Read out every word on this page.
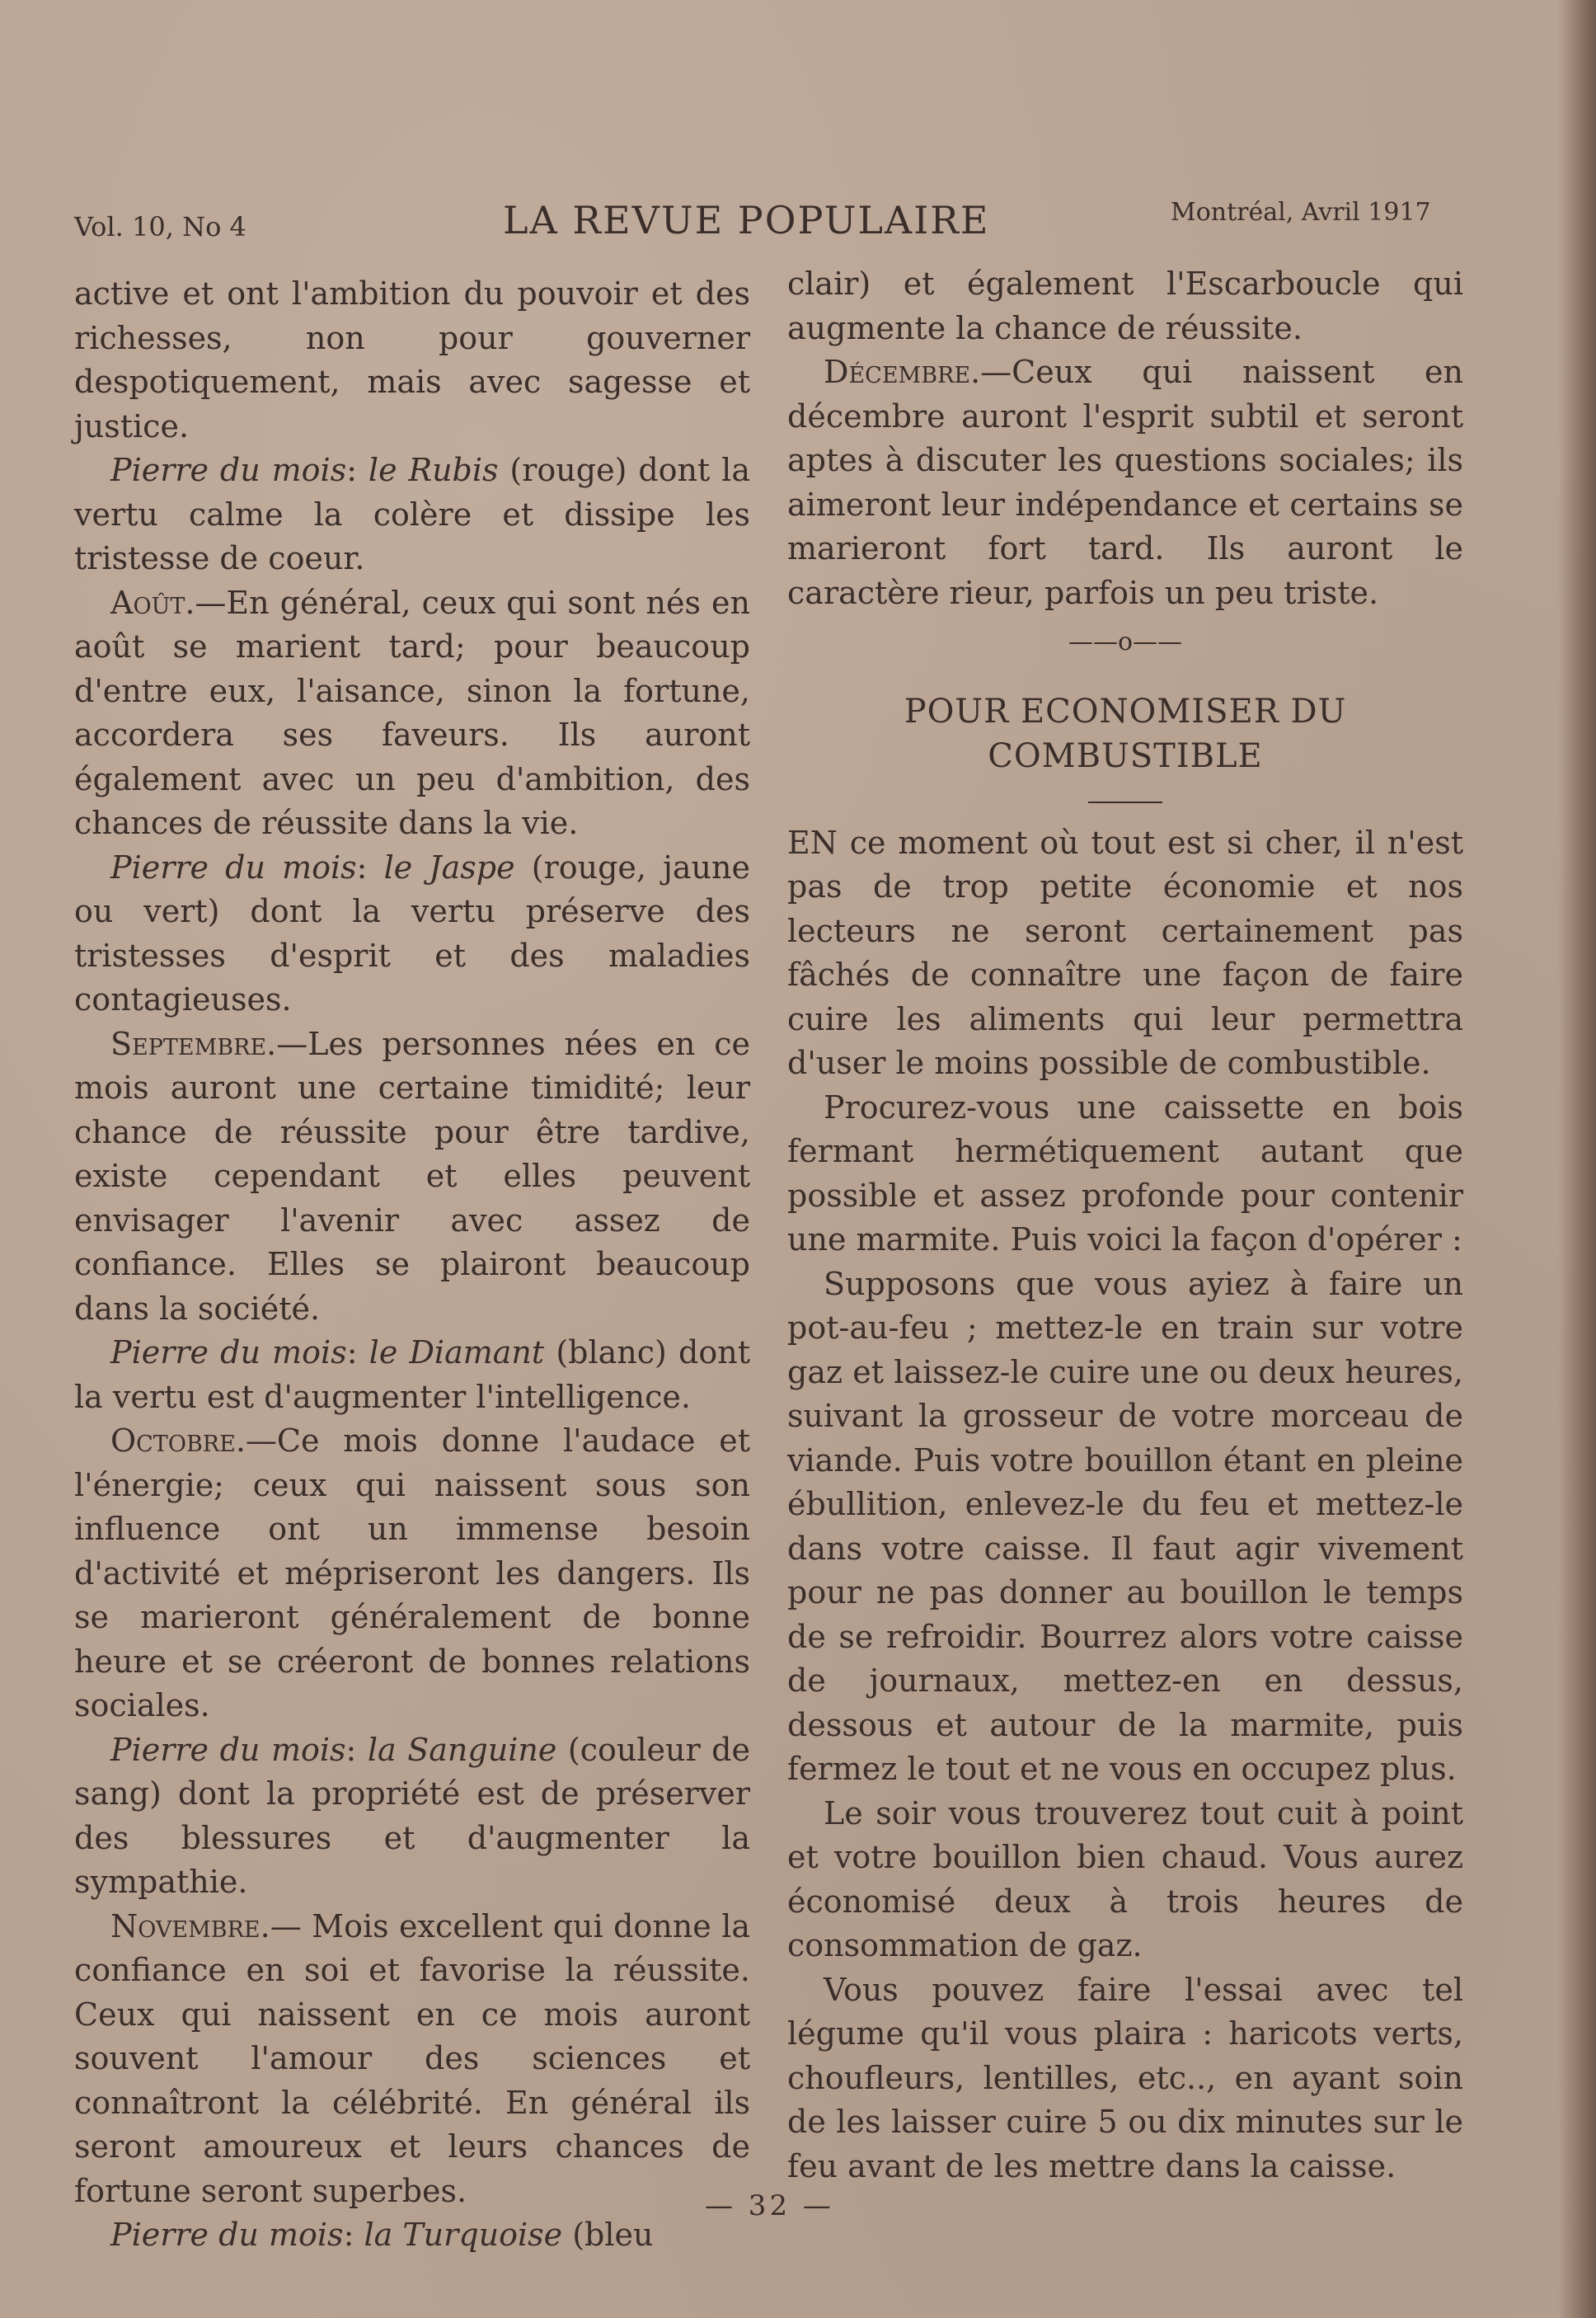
Vol. 10, No 4	LA REVUE POPULAIRE	Montréal, Avril 1917

active et ont l'ambition du pouvoir et des richesses, non pour gouverner despotiquement, mais avec sagesse et justice.

Pierre du mois: le Rubis (rouge) dont la vertu calme la colère et dissipe les tristesse de coeur.

Août.—En général, ceux qui sont nés en août se marient tard; pour beaucoup d'entre eux, l'aisance, sinon la fortune, accordera ses faveurs. Ils auront également avec un peu d'ambition, des chances de réussite dans la vie.

Pierre du mois: le Jaspe (rouge, jaune ou vert) dont la vertu préserve des tristesses d'esprit et des maladies contagieuses.

Septembre.—Les personnes nées en ce mois auront une certaine timidité; leur chance de réussite pour être tardive, existe cependant et elles peuvent envisager l'avenir avec assez de confiance. Elles se plairont beaucoup dans la société.

Pierre du mois: le Diamant (blanc) dont la vertu est d'augmenter l'intelligence.

Octobre.—Ce mois donne l'audace et l'énergie; ceux qui naissent sous son influence ont un immense besoin d'activité et mépriseront les dangers. Ils se marieront généralement de bonne heure et se créeront de bonnes relations sociales.

Pierre du mois: la Sanguine (couleur de sang) dont la propriété est de préserver des blessures et d'augmenter la sympathie.

Novembre.— Mois excellent qui donne la confiance en soi et favorise la réussite. Ceux qui naissent en ce mois auront souvent l'amour des sciences et connaîtront la célébrité. En général ils seront amoureux et leurs chances de fortune seront superbes.

Pierre du mois: la Turquoise (bleu

clair) et également l'Escarboucle qui augmente la chance de réussite.

Décembre.—Ceux qui naissent en décembre auront l'esprit subtil et seront aptes à discuter les questions sociales; ils aimeront leur indépendance et certains se marieront fort tard. Ils auront le caractère rieur, parfois un peu triste.

——o——
POUR ECONOMISER DU COMBUSTIBLE

EN ce moment où tout est si cher, il n'est pas de trop petite économie et nos lecteurs ne seront certainement pas fâchés de connaître une façon de faire cuire les aliments qui leur permettra d'user le moins possible de combustible.

Procurez-vous une caissette en bois fermant hermétiquement autant que possible et assez profonde pour contenir une marmite. Puis voici la façon d'opérer :

Supposons que vous ayiez à faire un pot-au-feu ; mettez-le en train sur votre gaz et laissez-le cuire une ou deux heures, suivant la grosseur de votre morceau de viande. Puis votre bouillon étant en pleine ébullition, enlevez-le du feu et mettez-le dans votre caisse. Il faut agir vivement pour ne pas donner au bouillon le temps de se refroidir. Bourrez alors votre caisse de journaux, mettez-en en dessus, dessous et autour de la marmite, puis fermez le tout et ne vous en occupez plus.

Le soir vous trouverez tout cuit à point et votre bouillon bien chaud. Vous aurez économisé deux à trois heures de consommation de gaz.

Vous pouvez faire l'essai avec tel légume qu'il vous plaira : haricots verts, choufleurs, lentilles, etc.., en ayant soin de les laisser cuire 5 ou dix minutes sur le feu avant de les mettre dans la caisse.

— 32 —
